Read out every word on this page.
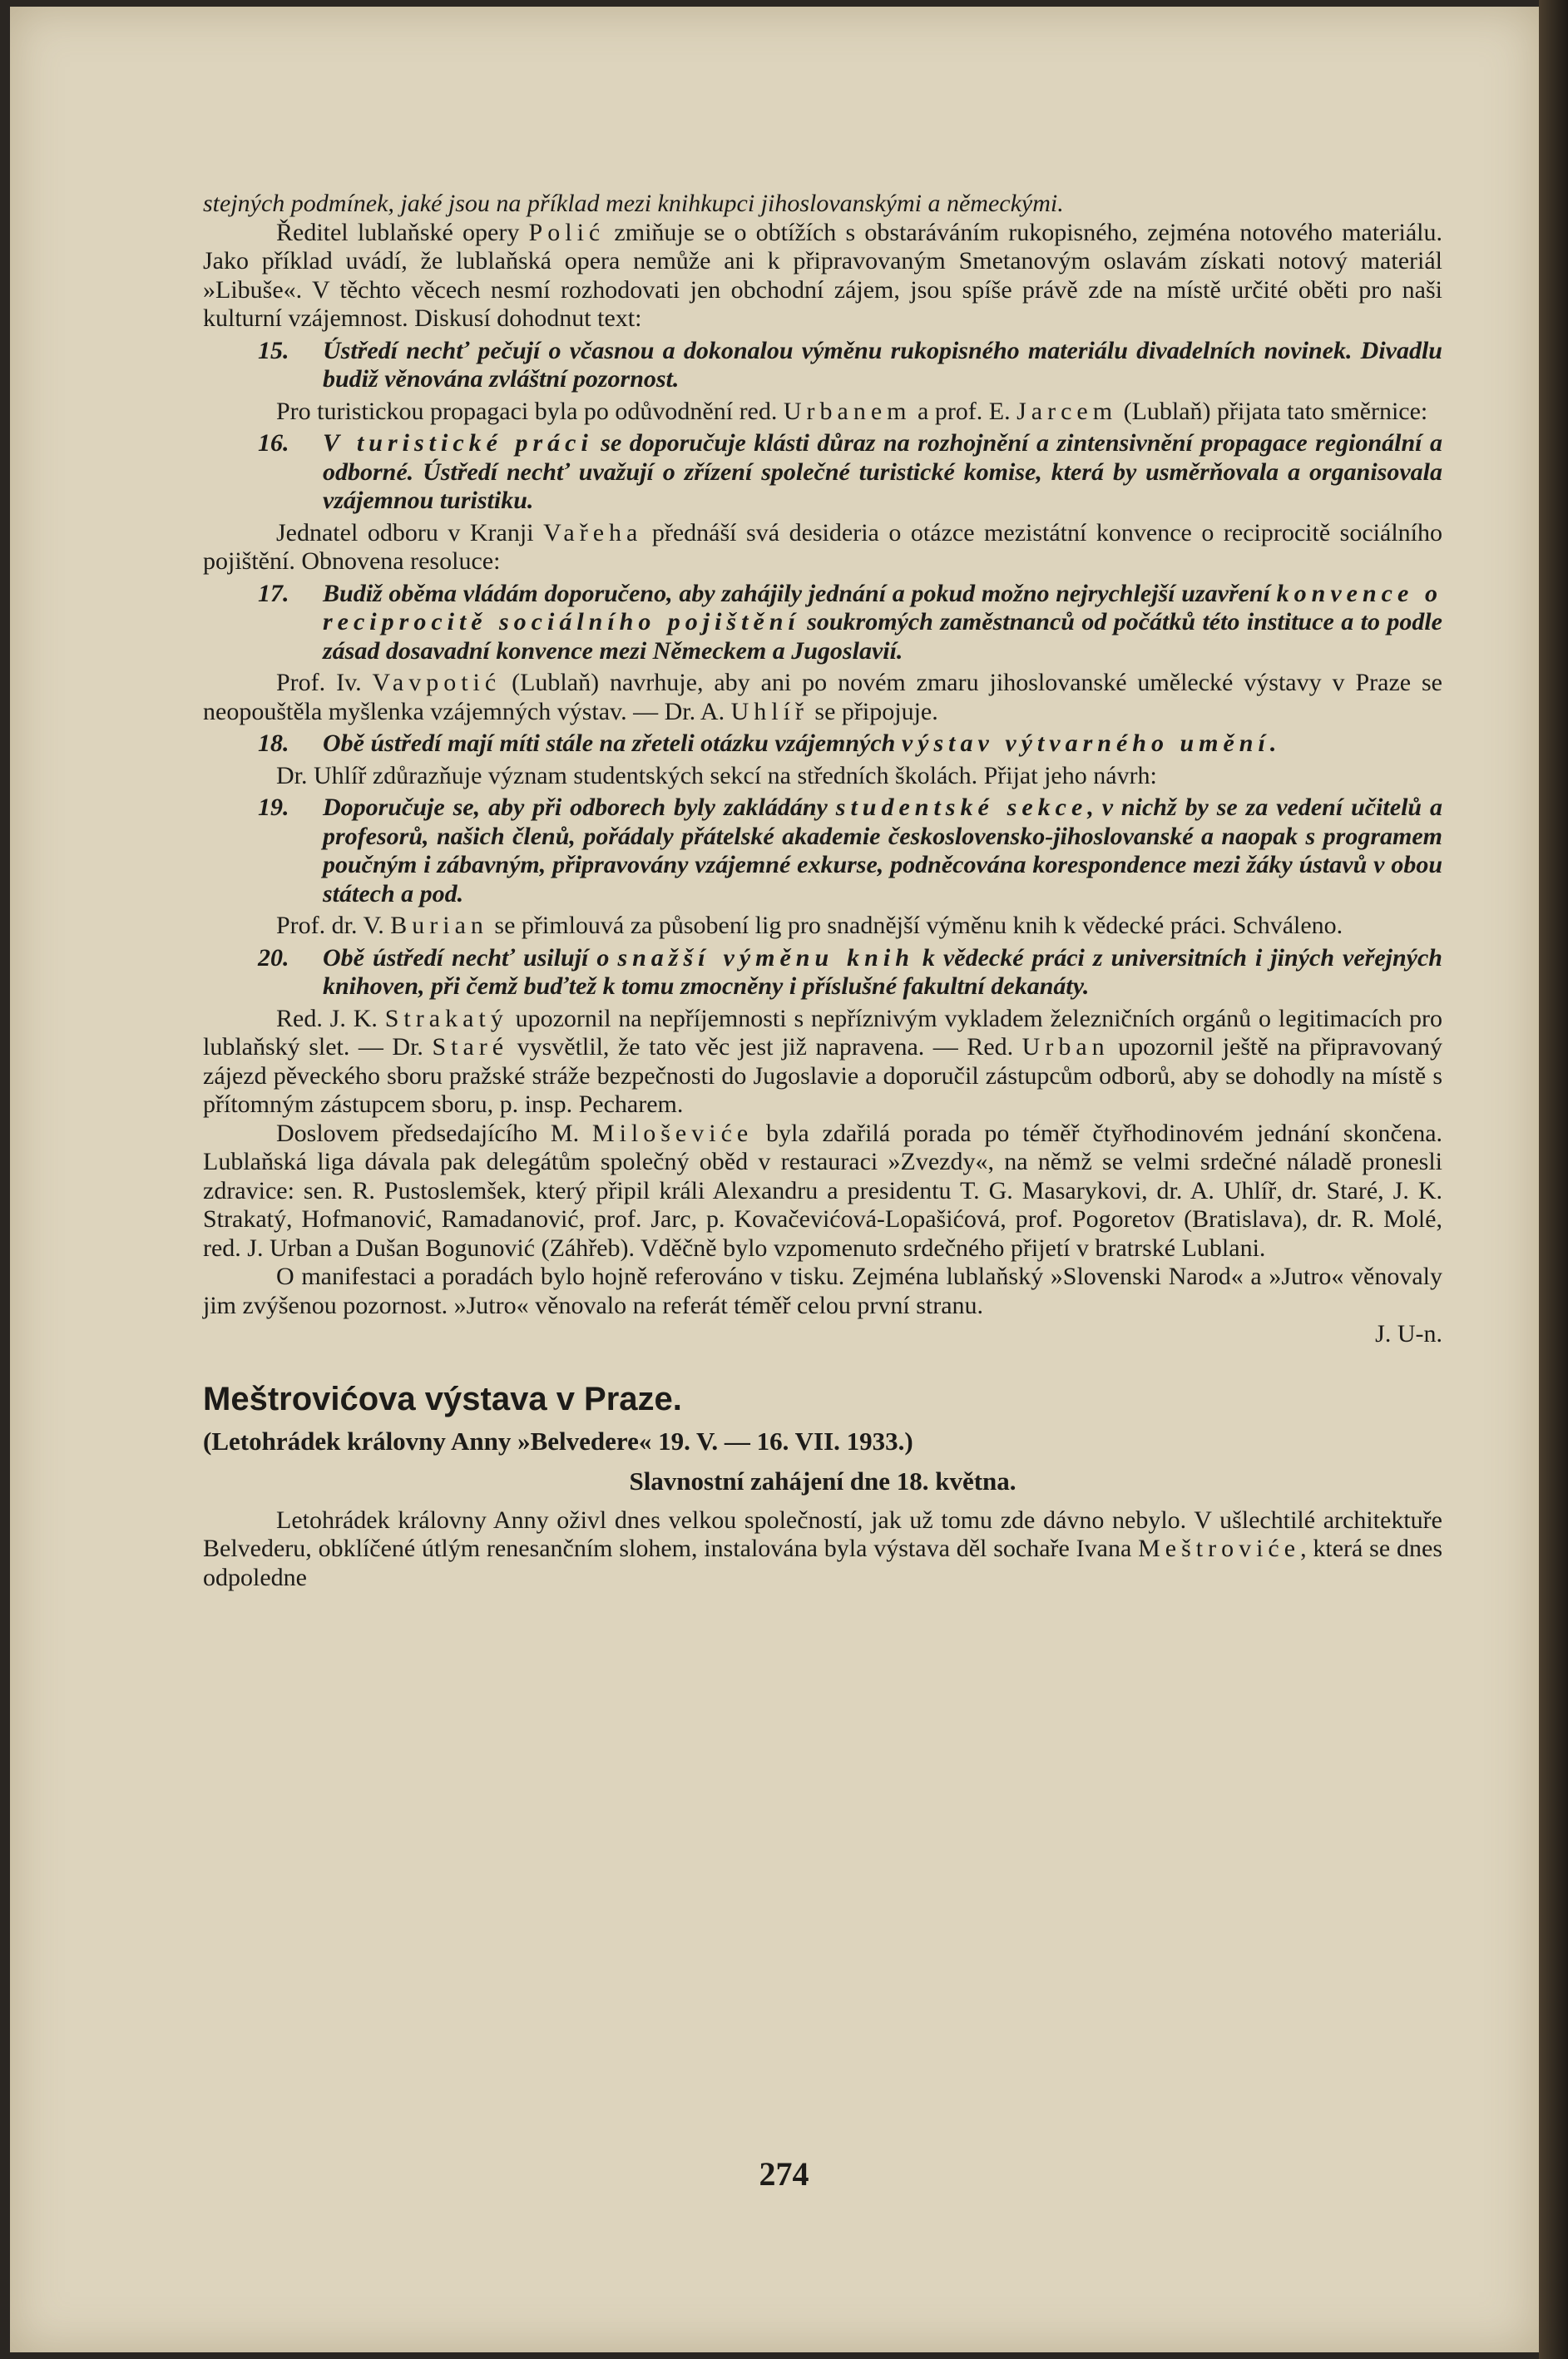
stejných podmínek, jaké jsou na příklad mezi knihkupci jihoslovanskými a německými.

Ředitel lublaňské opery Polić zmiňuje se o obtížích s obstaráváním rukopisného, zejména notového materiálu. Jako příklad uvádí, že lublaňská opera nemůže ani k připravovaným Smetanovým oslavám získati notový materiál »Libuše«. V těchto věcech nesmí rozhodovati jen obchodní zájem, jsou spíše právě zde na místě určité oběti pro naši kulturní vzájemnost. Diskusí dohodnut text:

15.	Ústředí nechť pečují o včasnou a dokonalou výměnu rukopisného materiálu divadelních novinek. Divadlu budiž věnována zvláštní pozornost.

Pro turistickou propagaci byla po odůvodnění red. Urbanem a prof. E. Jarcem (Lublaň) přijata tato směrnice:

16.	V turistické práci se doporučuje klásti důraz na rozhojnění a zintensivnění propagace regionální a odborné. Ústředí nechť uvažují o zřízení společné turistické komise, která by usměrňovala a organisovala vzájemnou turistiku.

Jednatel odboru v Kranji Vařeha přednáší svá desideria o otázce mezistátní konvence o reciprocitě sociálního pojištění. Obnovena resoluce:

17.	Budiž oběma vládám doporučeno, aby zahájily jednání a pokud možno nejrychlejší uzavření konvence o reciprocitě sociálního pojištění soukromých zaměstnanců od počátků této instituce a to podle zásad dosavadní konvence mezi Německem a Jugoslavií.

Prof. Iv. Vavpotić (Lublaň) navrhuje, aby ani po novém zmaru jihoslovanské umělecké výstavy v Praze se neopouštěla myšlenka vzájemných výstav. — Dr. A. Uhlíř se připojuje.

18.	Obě ústředí mají míti stále na zřeteli otázku vzájemných výstav výtvarného umění.

Dr. Uhlíř zdůrazňuje význam studentských sekcí na středních školách. Přijat jeho návrh:

19.	Doporučuje se, aby při odborech byly zakládány studentské sekce, v nichž by se za vedení učitelů a profesorů, našich členů, pořádaly přátelské akademie československo-jihoslovanské a naopak s programem poučným i zábavným, připravovány vzájemné exkurse, podněcována korespondence mezi žáky ústavů v obou státech a pod.

Prof. dr. V. Burian se přimlouvá za působení lig pro snadnější výměnu knih k vědecké práci. Schváleno.

20.	Obě ústředí nechť usilují o snažší výměnu knih k vědecké práci z universitních i jiných veřejných knihoven, při čemž buďtež k tomu zmocněny i příslušné fakultní dekanáty.

Red. J. K. Strakatý upozornil na nepříjemnosti s nepříznivým vykladem železničních orgánů o legitimacích pro lublaňský slet. — Dr. Staré vysvětlil, že tato věc jest již napravena. — Red. Urban upozornil ještě na připravovaný zájezd pěveckého sboru pražské stráže bezpečnosti do Jugoslavie a doporučil zástupcům odborů, aby se dohodly na místě s přítomným zástupcem sboru, p. insp. Pecharem.

Doslovem předsedajícího M. Miloševiće byla zdařilá porada po téměř čtyřhodinovém jednání skončena. Lublaňská liga dávala pak delegátům společný oběd v restauraci »Zvezdy«, na němž se velmi srdečné náladě pronesli zdravice: sen. R. Pustoslemšek, který připil králi Alexandru a presidentu T. G. Masarykovi, dr. A. Uhlíř, dr. Staré, J. K. Strakatý, Hofmanović, Ramadanović, prof. Jarc, p. Kovačevićová-Lopašićová, prof. Pogoretov (Bratislava), dr. R. Molé, red. J. Urban a Dušan Bogunović (Záhřeb). Vděčně bylo vzpomenuto srdečného přijetí v bratrské Lublani.

O manifestaci a poradách bylo hojně referováno v tisku. Zejména lublaňský »Slovenski Narod« a »Jutro« věnovaly jim zvýšenou pozornost. »Jutro« věnovalo na referát téměř celou první stranu.

J. U-n.

Meštrovićova výstava v Praze.
(Letohrádek královny Anny »Belvedere« 19. V. — 16. VII. 1933.)
Slavnostní zahájení dne 18. května.

Letohrádek královny Anny oživl dnes velkou společností, jak už tomu zde dávno nebylo. V ušlechtilé architektuře Belvederu, obklíčené útlým renesančním slohem, instalována byla výstava děl sochaře Ivana Meštroviće, která se dnes odpoledne

274
